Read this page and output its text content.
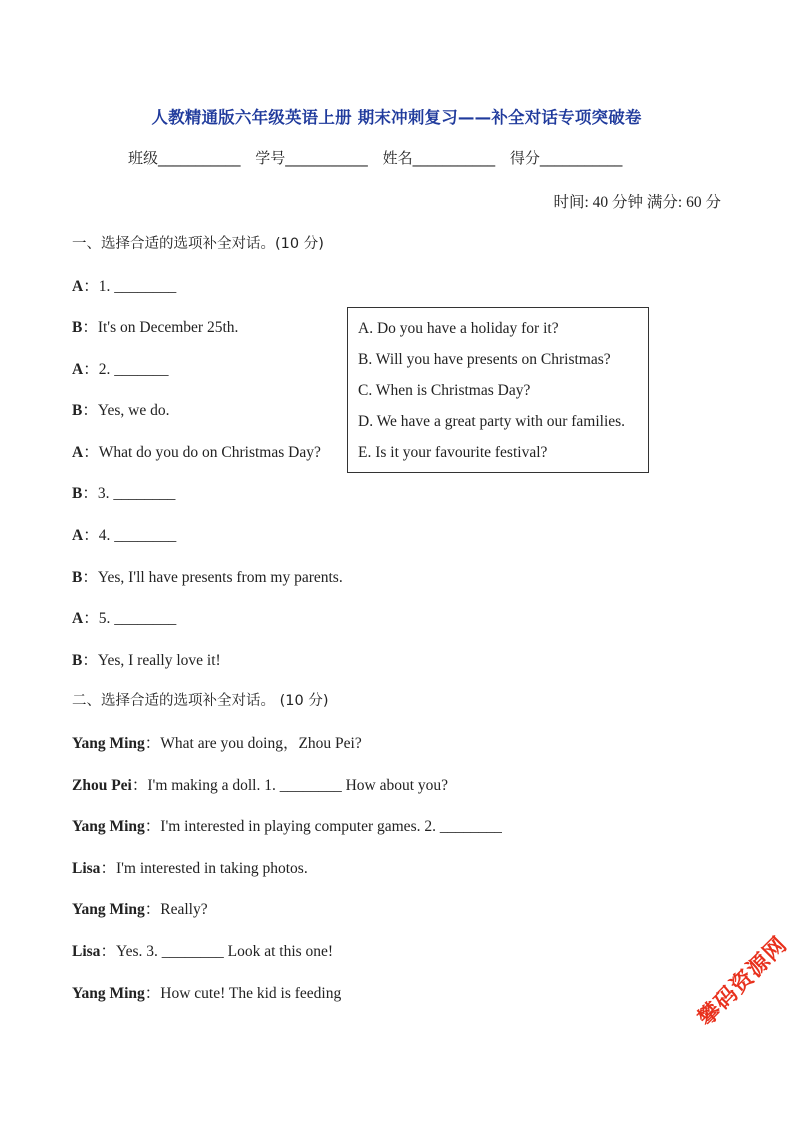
人教精通版六年级英语上册 期末冲刺复习——补全对话专项突破卷
班级___________ 学号___________ 姓名___________ 得分___________
时间: 40 分钟 满分: 60 分
一、选择合适的选项补全对话。(10 分)
A：1. ________
B：It's on December 25th.
A：2. _______
B：Yes, we do.
A：What do you do on Christmas Day?
B：3. ________
A：4. ________
B：Yes, I'll have presents from my parents.
A：5. ________
B：Yes, I really love it!
A. Do you have a holiday for it?
B. Will you have presents on Christmas?
C. When is Christmas Day?
D. We have a great party with our families.
E. Is it your favourite festival?
二、选择合适的选项补全对话。 (10 分)
Yang Ming：What are you doing，Zhou Pei?
Zhou Pei：I'm making a doll. 1. ________ How about you?
Yang Ming：I'm interested in playing computer games. 2. ________
Lisa：I'm interested in taking photos.
Yang Ming：Really?
Lisa：Yes. 3. ________ Look at this one!
Yang Ming：How cute! The kid is feeding	攀码资源网
